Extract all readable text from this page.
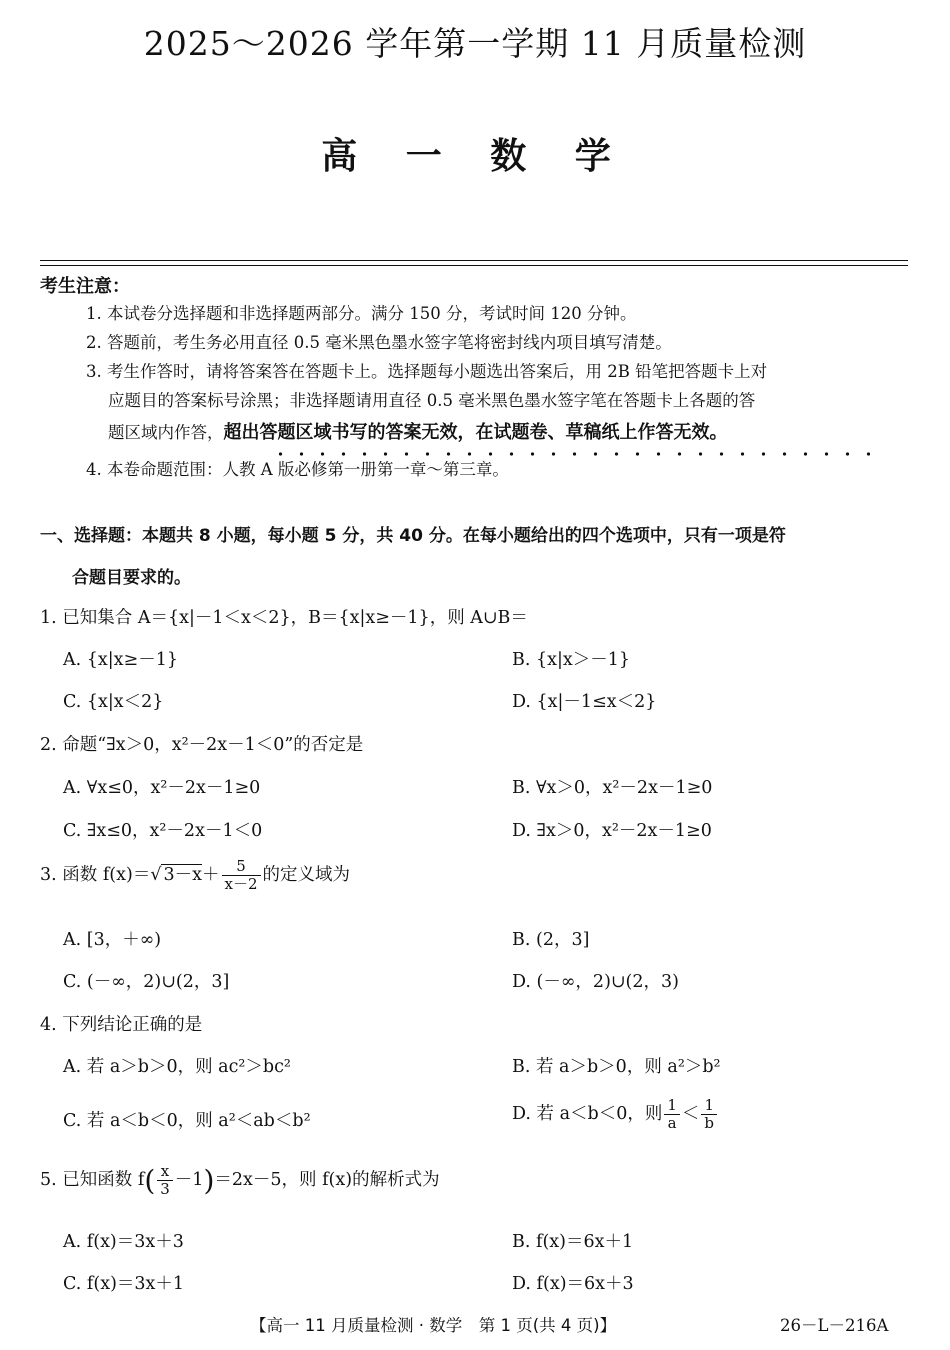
2025～2026 学年第一学期 11 月质量检测
高 一 数 学
考生注意：
1. 本试卷分选择题和非选择题两部分。满分 150 分，考试时间 120 分钟。
2. 答题前，考生务必用直径 0.5 毫米黑色墨水签字笔将密封线内项目填写清楚。
3. 考生作答时，请将答案答在答题卡上。选择题每小题选出答案后，用 2B 铅笔把答题卡上对
应题目的答案标号涂黑；非选择题请用直径 0.5 毫米黑色墨水签字笔在答题卡上各题的答
题区域内作答，超出答题区域书写的答案无效，在试题卷、草稿纸上作答无效。
4. 本卷命题范围：人教 A 版必修第一册第一章～第三章。
一、选择题：本题共 8 小题，每小题 5 分，共 40 分。在每小题给出的四个选项中，只有一项是符
合题目要求的。
1. 已知集合 A＝{x|－1＜x＜2}，B＝{x|x≥－1}，则 A∪B＝
A. {x|x≥－1}	B. {x|x＞－1}
C. {x|x＜2}	D. {x|－1≤x＜2}
2. 命题“∃x＞0，x²－2x－1＜0”的否定是
A. ∀x≤0，x²－2x－1≥0	B. ∀x＞0，x²－2x－1≥0
C. ∃x≤0，x²－2x－1＜0	D. ∃x＞0，x²－2x－1≥0
3. 函数 f(x)＝√ $3-x+ \frac{5}{x-2}$ 的定义域为
A. [3，＋∞)	B. (2，3]
C. (－∞，2)∪(2，3]	D. (－∞，2)∪(2，3)
4. 下列结论正确的是
A. 若 a＞b＞0，则 ac²＞bc²	B. 若 a＞b＞0，则 a²＞b²
C. 若 a＜b＜0，则 a²＜ab＜b²	D. 若 a＜b＜0，则 $\frac{1}{a} < \frac{1}{b}$
5. 已知函数 $f( \frac{x}{3} -1)=2x-5$，则 f(x)的解析式为
A. f(x)＝3x＋3	B. f(x)＝6x＋1
C. f(x)＝3x＋1	D. f(x)＝6x＋3
【高一 11 月质量检测 · 数学　第 1 页(共 4 页)】	26－L－216A
